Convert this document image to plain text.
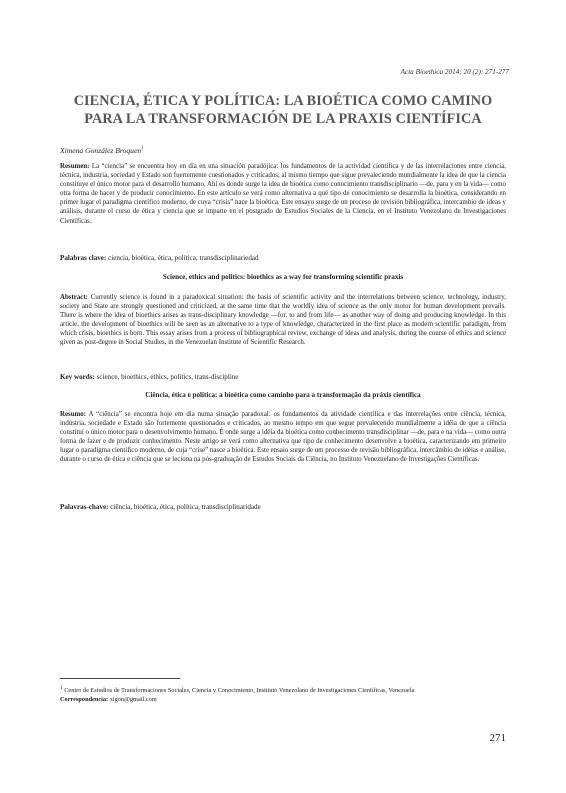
Acta Bioethica 2014; 20 (2): 271-277
CIENCIA, ÉTICA Y POLÍTICA: LA BIOÉTICA COMO CAMINO
PARA LA TRANSFORMACIÓN DE LA PRAXIS CIENTÍFICA
Ximena González Broquen$^1$
Resumen: La “ciencia” se encuentra hoy en día en una situación paradójica: los fundamentos de la actividad científica y de las interrelaciones entre ciencia, técnica, industria, sociedad y Estado son fuertemente cuestionados y criticados, al mismo tiempo que sigue prevaleciendo mundialmente la idea de que la ciencia constituye el único motor para el desarrollo humano. Ahí es donde surge la idea de bioética como conocimiento transdisciplinario —de, para y en la vida— como otra forma de hacer y de producir conocimiento. En este artículo se verá como alternativa a qué tipo de conocimiento se desarrolla la bioética, considerando en primer lugar el paradigma científico moderno, de cuya “crisis” nace la bioética. Este ensayo surge de un proceso de revisión bibliográfica, intercambio de ideas y análisis, durante el curso de ética y ciencia que se imparte en el postgrado de Estudios Sociales de la Ciencia, en el Instituto Venezolano de Investigaciones Científicas.
Palabras clave: ciencia, bioética, ética, política, transdisciplinariedad
Science, ethics and politics: bioethics as a way for transforming scientific praxis
Abstract: Currently science is found in a paradoxical situation: the basis of scientific activity and the interrelations between science, technology, industry, society and State are strongly questioned and criticized, at the same time that the worldly idea of science as the only motor for human development prevails. There is where the idea of bioethics arises as trans-disciplinary knowledge —for, to and from life— as another way of doing and producing knowledge. In this article, the development of bioethics will be seen as an alternative to a type of knowledge, characterized in the first place as modern scientific paradigm, from which crisis, bioethics is born. This essay arises from a process of bibliographical review, exchange of ideas and analysis, during the course of ethics and science given as post-degree in Social Studies, in the Venezuelan Institute of Scientific Research.
Key words: science, bioethics, ethics, politics, trans-discipline
Ciência, ética e política: a bioética como caminho para a transformação da práxis científica
Resumo: A “ciência” se encontra hoje em dia numa situação paradoxal: os fundamentos da atividade científica e das interrelações entre ciência, técnica, indústria, sociedade e Estado são fortemente questionados e criticados, ao mesmo tempo em que segue prevalecendo mundialmente a idéia de que a ciência constitui o único motor para o desenvolvimento humano. É onde surge a idéia da bioética como conhecimento transdisciplinar —de, para e na vida— como outra forma de fazer e de produzir conhecimento. Neste artigo se verá como alternativa que tipo de conhecimento desenvolve a bioética, caracterizando em primeiro lugar o paradigma científico moderno, de cuja “crise” nasce a bioética. Este ensaio surge de um processo de revisão bibliográfica, intercâmbio de idéias e análise, durante o curso de ética e ciência que se leciona na pós-graduação de Estudos Sociais da Ciência, no Instituto Venezuelano de Investigações Científicas.
Palavras-chave: ciência, bioética, ética, política, transdisciplinaridade
$^1$ Centro de Estudios de Transformaciones Sociales, Ciencia y Conocimiento, Instituto Venezolano de Investigaciones Científicas, Venezuela
Correspondencia: xigon@gmail.com
271
